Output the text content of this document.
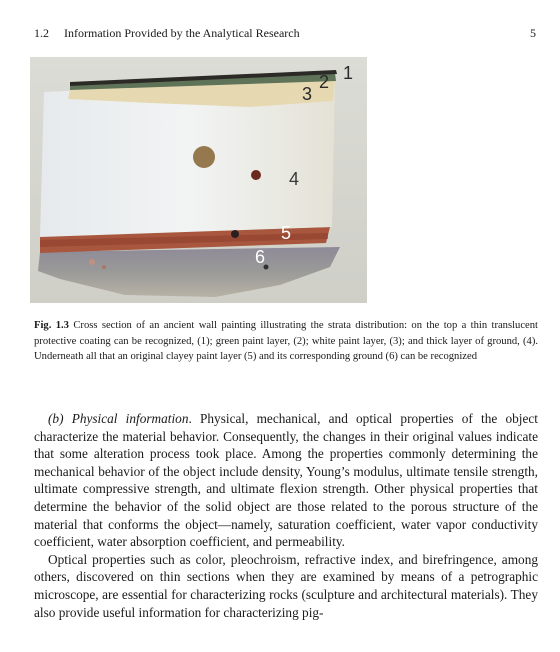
1.2 Information Provided by the Analytical Research	5
1
2
3
4
5
6
Fig. 1.3 Cross section of an ancient wall painting illustrating the strata distribution: on the top a thin translucent protective coating can be recognized, (1); green paint layer, (2); white paint layer, (3); and thick layer of ground, (4). Underneath all that an original clayey paint layer (5) and its corresponding ground (6) can be recognized

(b) Physical information. Physical, mechanical, and optical properties of the object characterize the material behavior. Consequently, the changes in their original values indicate that some alteration process took place. Among the properties commonly determining the mechanical behavior of the object include density, Young’s modulus, ultimate tensile strength, ultimate compressive strength, and ultimate flexion strength. Other physical properties that determine the behavior of the solid object are those related to the porous structure of the material that conforms the object—namely, saturation coefficient, water vapor conductivity coefficient, water absorption coefficient, and permeability.

Optical properties such as color, pleochroism, refractive index, and birefringence, among others, discovered on thin sections when they are examined by means of a petrographic microscope, are essential for characterizing rocks (sculpture and architectural materials). They also provide useful information for characterizing pig-
